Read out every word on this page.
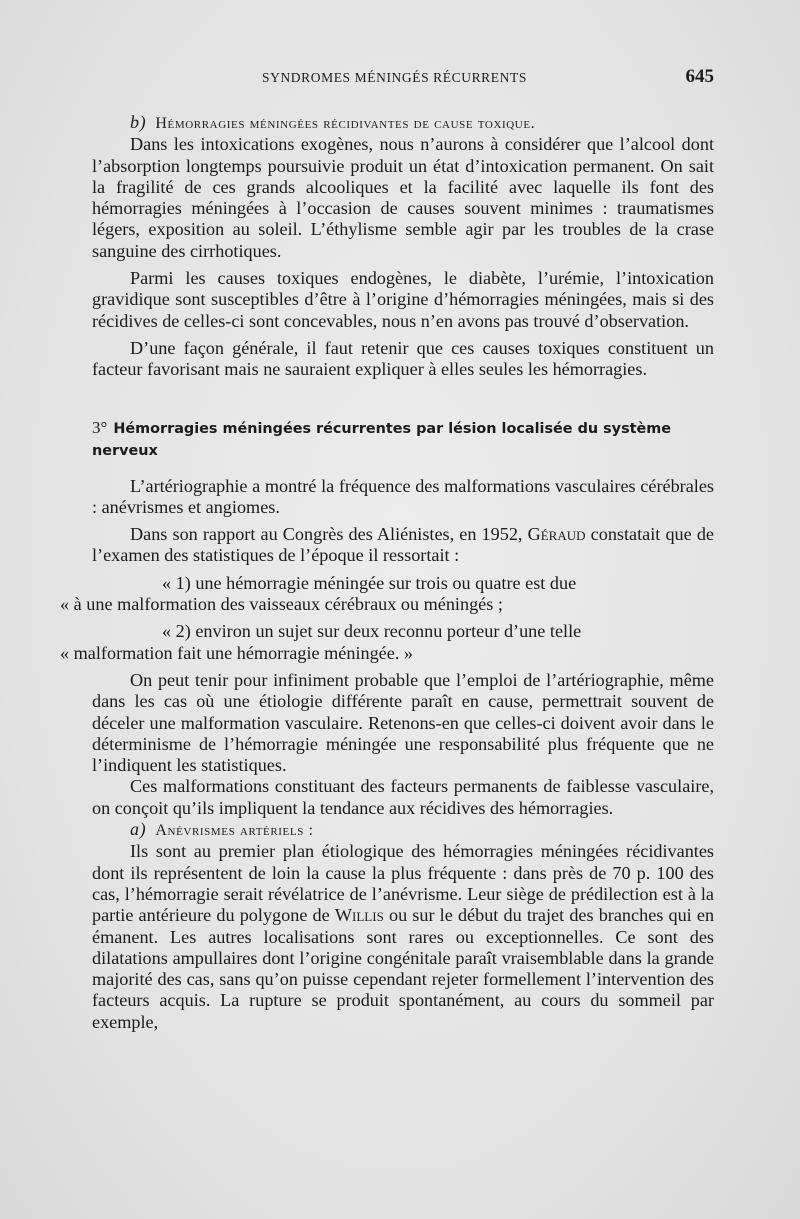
SYNDROMES MÉNINGÉS RÉCURRENTS	645

b) Hémorragies méningées récidivantes de cause toxique.

Dans les intoxications exogènes, nous n’aurons à considérer que l’alcool dont l’absorption longtemps poursuivie produit un état d’intoxication permanent. On sait la fragilité de ces grands alcooliques et la facilité avec laquelle ils font des hémorragies méningées à l’occasion de causes souvent minimes : traumatismes légers, exposition au soleil. L’éthylisme semble agir par les troubles de la crase sanguine des cirrhotiques.

Parmi les causes toxiques endogènes, le diabète, l’urémie, l’intoxication gravidique sont susceptibles d’être à l’origine d’hémorragies méningées, mais si des récidives de celles-ci sont concevables, nous n’en avons pas trouvé d’observation.

D’une façon générale, il faut retenir que ces causes toxiques constituent un facteur favorisant mais ne sauraient expliquer à elles seules les hémorragies.

3° Hémorragies méningées récurrentes par lésion localisée du système nerveux

L’artériographie a montré la fréquence des malformations vasculaires cérébrales : anévrismes et angiomes.

Dans son rapport au Congrès des Aliénistes, en 1952, Géraud constatait que de l’examen des statistiques de l’époque il ressortait :

« 1) une hémorragie méningée sur trois ou quatre est due
« à une malformation des vaisseaux cérébraux ou méningés ;

« 2) environ un sujet sur deux reconnu porteur d’une telle
« malformation fait une hémorragie méningée. »

On peut tenir pour infiniment probable que l’emploi de l’artériographie, même dans les cas où une étiologie différente paraît en cause, permettrait souvent de déceler une malformation vasculaire. Retenons-en que celles-ci doivent avoir dans le déterminisme de l’hémorragie méningée une responsabilité plus fréquente que ne l’indiquent les statistiques.

Ces malformations constituant des facteurs permanents de faiblesse vasculaire, on conçoit qu’ils impliquent la tendance aux récidives des hémorragies.

a) Anévrismes artériels :

Ils sont au premier plan étiologique des hémorragies méningées récidivantes dont ils représentent de loin la cause la plus fréquente : dans près de 70 p. 100 des cas, l’hémorragie serait révélatrice de l’anévrisme. Leur siège de prédilection est à la partie antérieure du polygone de Willis ou sur le début du trajet des branches qui en émanent. Les autres localisations sont rares ou exceptionnelles. Ce sont des dilatations ampullaires dont l’origine congénitale paraît vraisemblable dans la grande majorité des cas, sans qu’on puisse cependant rejeter formellement l’intervention des facteurs acquis. La rupture se produit spontanément, au cours du sommeil par exemple,
